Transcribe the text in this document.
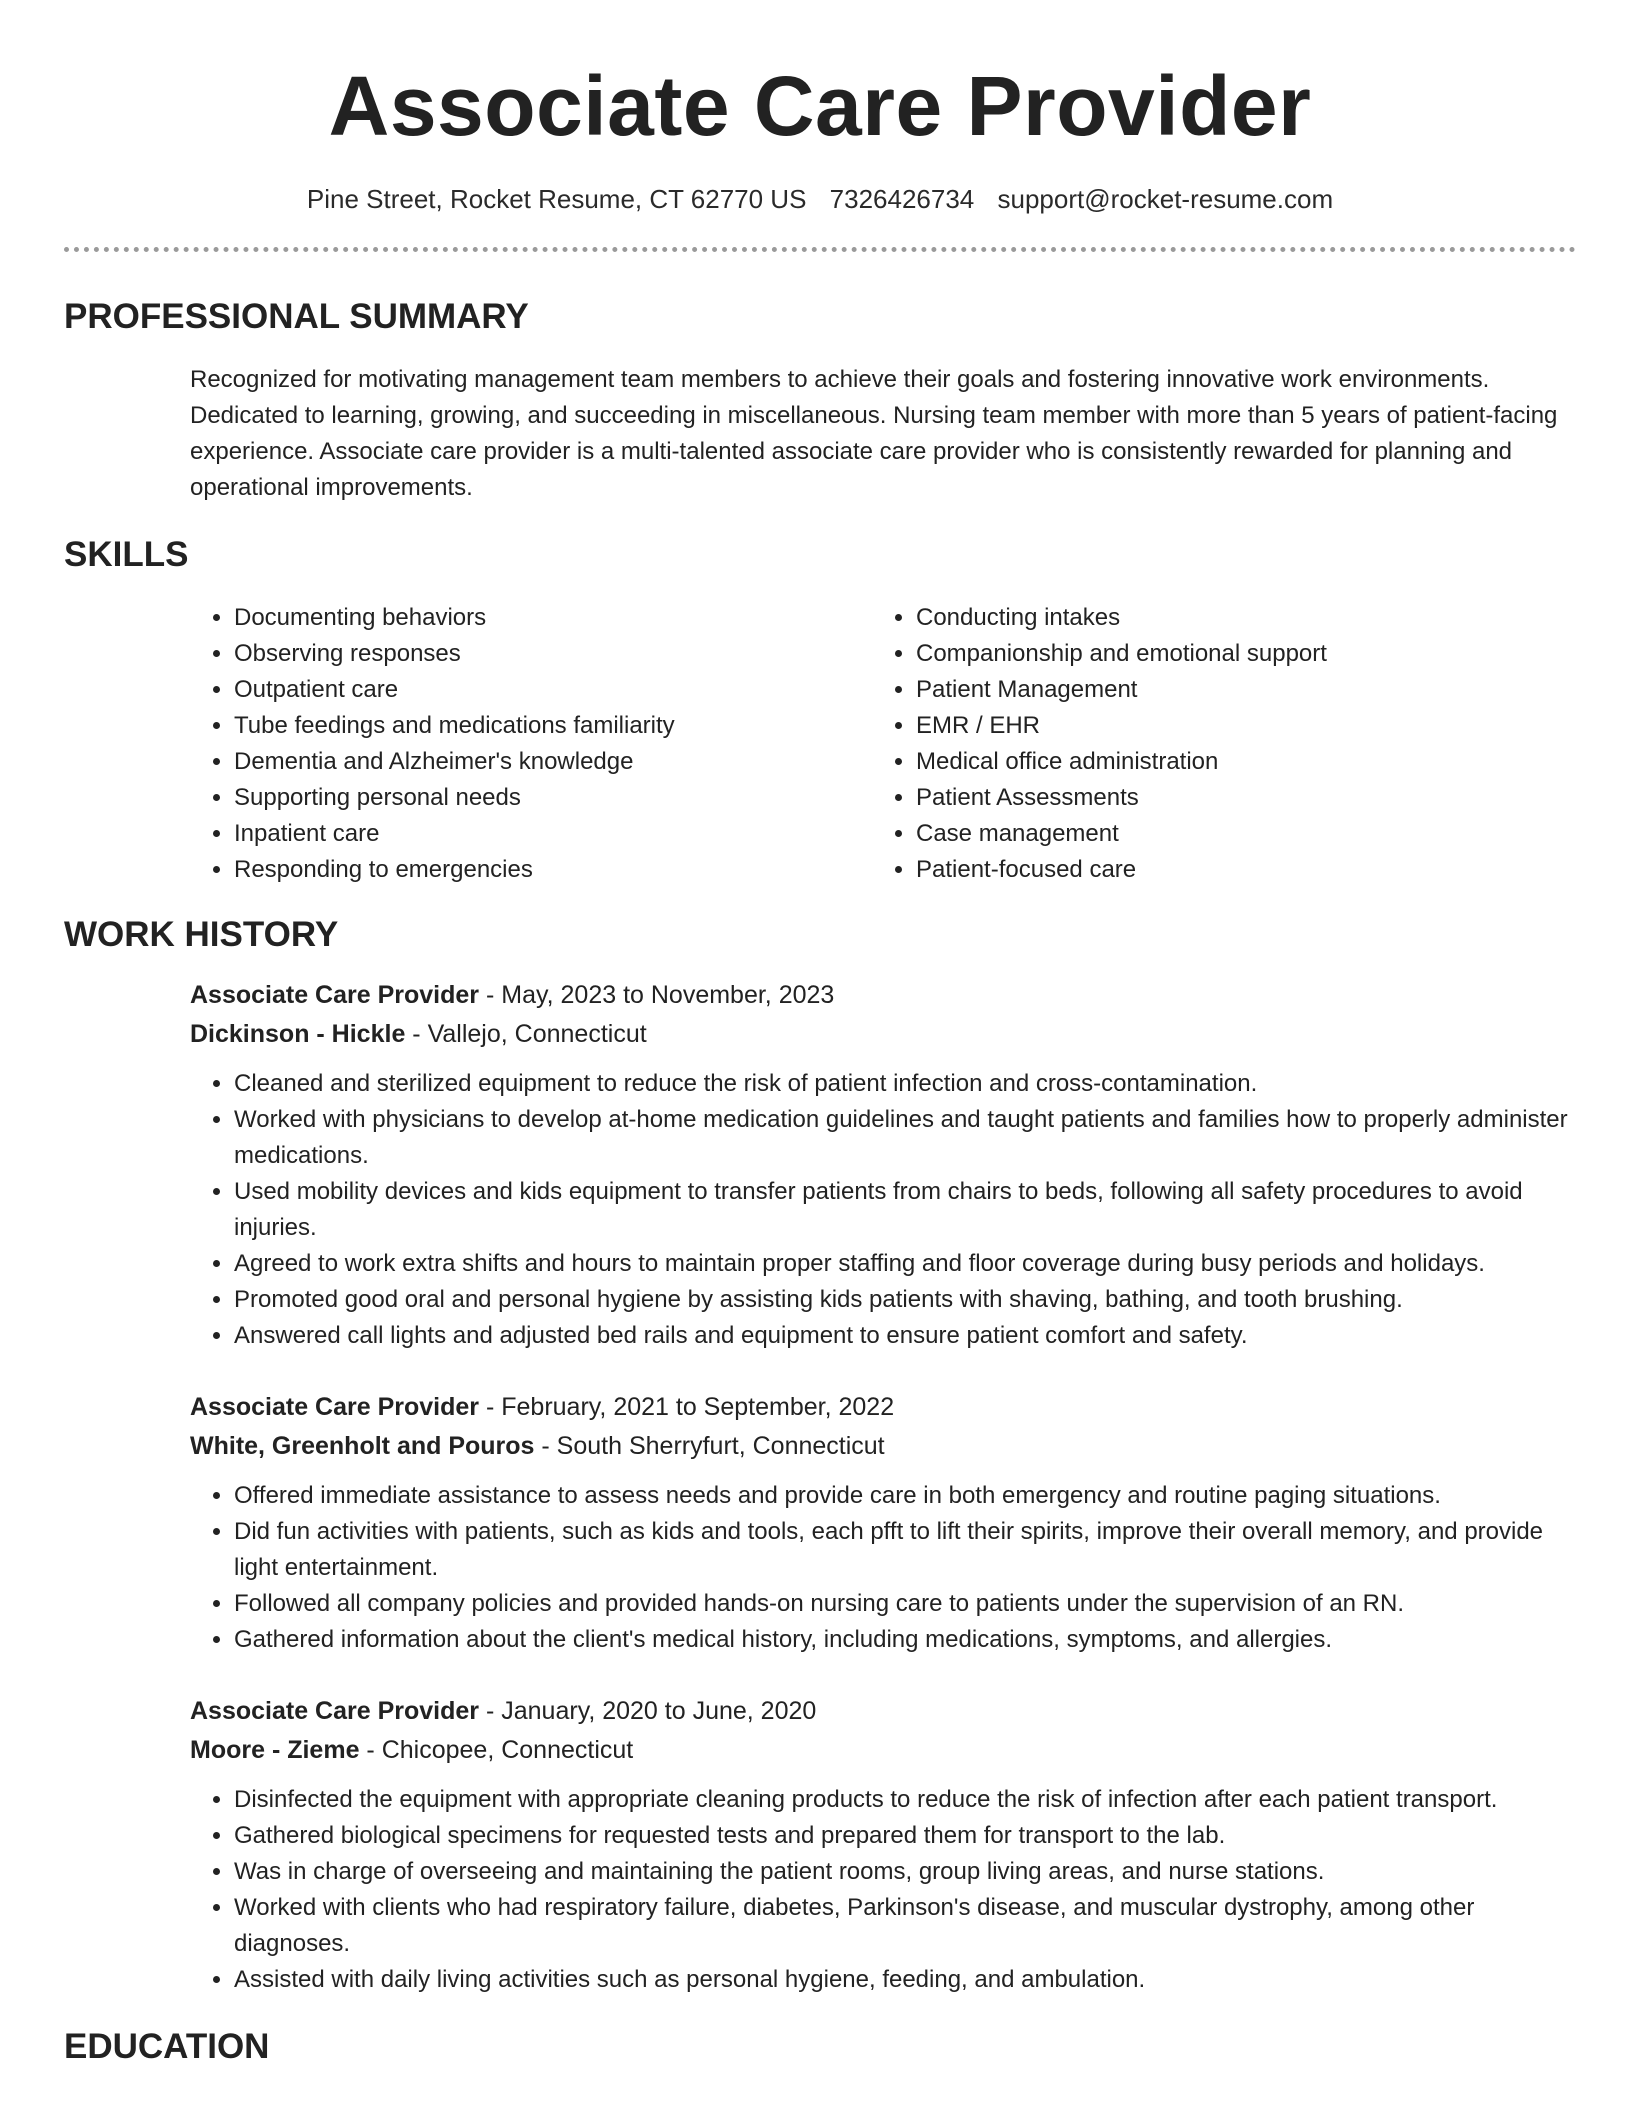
Associate Care Provider
Pine Street, Rocket Resume, CT 62770 US 7326426734 support@rocket-resume.com
PROFESSIONAL SUMMARY
Recognized for motivating management team members to achieve their goals and fostering innovative work environments. Dedicated to learning, growing, and succeeding in miscellaneous. Nursing team member with more than 5 years of patient-facing experience. Associate care provider is a multi-talented associate care provider who is consistently rewarded for planning and operational improvements.
SKILLS
• Documenting behaviors
• Observing responses
• Outpatient care
• Tube feedings and medications familiarity
• Dementia and Alzheimer's knowledge
• Supporting personal needs
• Inpatient care
• Responding to emergencies
• Conducting intakes
• Companionship and emotional support
• Patient Management
• EMR / EHR
• Medical office administration
• Patient Assessments
• Case management
• Patient-focused care
WORK HISTORY
Associate Care Provider - May, 2023 to November, 2023
Dickinson - Hickle - Vallejo, Connecticut
• Cleaned and sterilized equipment to reduce the risk of patient infection and cross-contamination.
• Worked with physicians to develop at-home medication guidelines and taught patients and families how to properly administer medications.
• Used mobility devices and kids equipment to transfer patients from chairs to beds, following all safety procedures to avoid injuries.
• Agreed to work extra shifts and hours to maintain proper staffing and floor coverage during busy periods and holidays.
• Promoted good oral and personal hygiene by assisting kids patients with shaving, bathing, and tooth brushing.
• Answered call lights and adjusted bed rails and equipment to ensure patient comfort and safety.
Associate Care Provider - February, 2021 to September, 2022
White, Greenholt and Pouros - South Sherryfurt, Connecticut
• Offered immediate assistance to assess needs and provide care in both emergency and routine paging situations.
• Did fun activities with patients, such as kids and tools, each pfft to lift their spirits, improve their overall memory, and provide light entertainment.
• Followed all company policies and provided hands-on nursing care to patients under the supervision of an RN.
• Gathered information about the client's medical history, including medications, symptoms, and allergies.
Associate Care Provider - January, 2020 to June, 2020
Moore - Zieme - Chicopee, Connecticut
• Disinfected the equipment with appropriate cleaning products to reduce the risk of infection after each patient transport.
• Gathered biological specimens for requested tests and prepared them for transport to the lab.
• Was in charge of overseeing and maintaining the patient rooms, group living areas, and nurse stations.
• Worked with clients who had respiratory failure, diabetes, Parkinson's disease, and muscular dystrophy, among other diagnoses.
• Assisted with daily living activities such as personal hygiene, feeding, and ambulation.
EDUCATION
